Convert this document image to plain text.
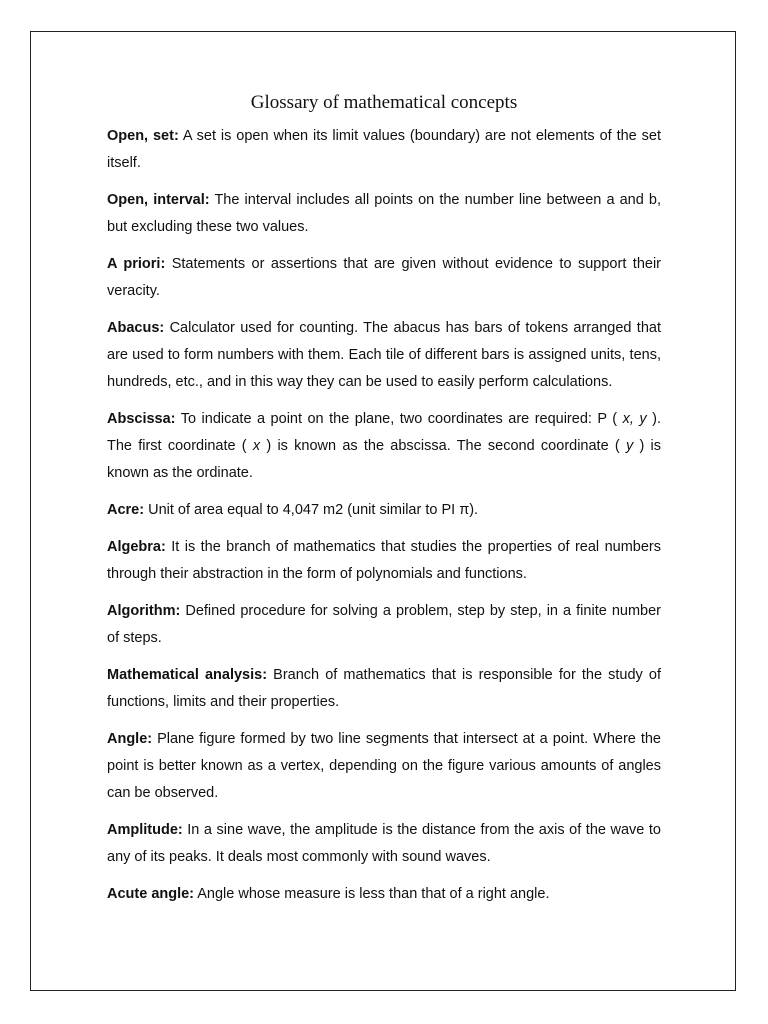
Glossary of mathematical concepts

Open, set: A set is open when its limit values (boundary) are not elements of the set itself.

Open, interval: The interval includes all points on the number line between a and b, but excluding these two values.

A priori: Statements or assertions that are given without evidence to support their veracity.

Abacus: Calculator used for counting. The abacus has bars of tokens arranged that are used to form numbers with them. Each tile of different bars is assigned units, tens, hundreds, etc., and in this way they can be used to easily perform calculations.

Abscissa: To indicate a point on the plane, two coordinates are required: P ( x, y ). The first coordinate ( x ) is known as the abscissa. The second coordinate ( y ) is known as the ordinate.

Acre: Unit of area equal to 4,047 m2 (unit similar to PI π).

Algebra: It is the branch of mathematics that studies the properties of real numbers through their abstraction in the form of polynomials and functions.

Algorithm: Defined procedure for solving a problem, step by step, in a finite number of steps.

Mathematical analysis: Branch of mathematics that is responsible for the study of functions, limits and their properties.

Angle: Plane figure formed by two line segments that intersect at a point. Where the point is better known as a vertex, depending on the figure various amounts of angles can be observed.

Amplitude: In a sine wave, the amplitude is the distance from the axis of the wave to any of its peaks. It deals most commonly with sound waves.

Acute angle: Angle whose measure is less than that of a right angle.
